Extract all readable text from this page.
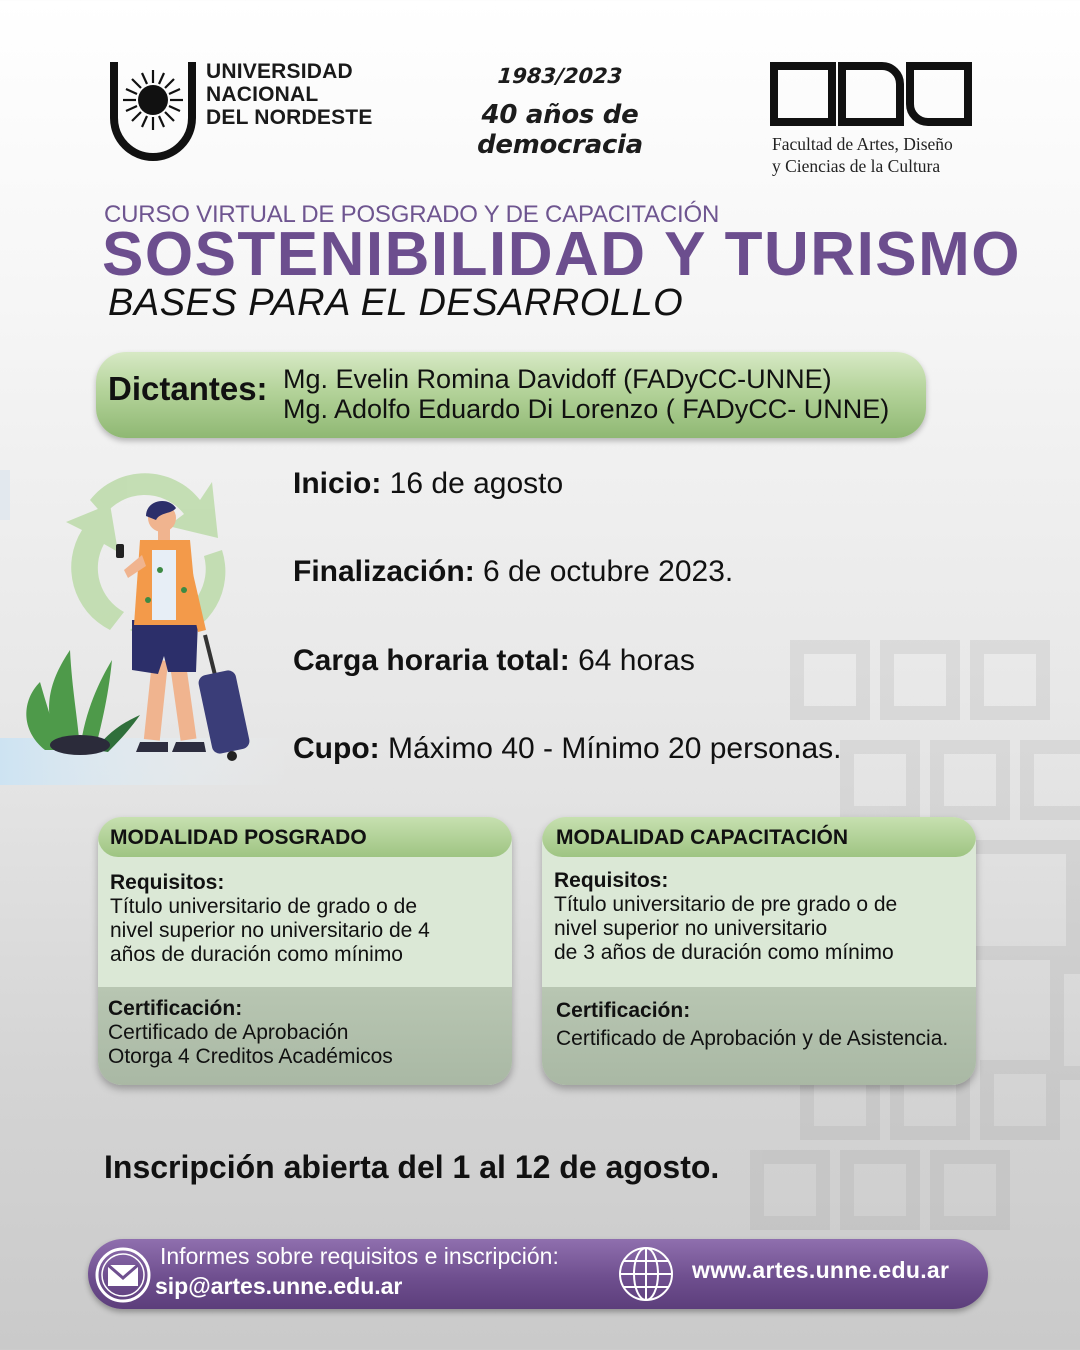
UNIVERSIDAD
NACIONAL
DEL NORDESTE
1983/2023
40 años de democracia	Facultad de Artes, Diseño
y Ciencias de la Cultura
CURSO VIRTUAL DE POSGRADO Y DE CAPACITACIÓN
SOSTENIBILIDAD Y TURISMO
BASES PARA EL DESARROLLO
Dictantes: Mg. Evelin Romina Davidoff (FADyCC-UNNE)
Mg. Adolfo Eduardo Di Lorenzo ( FADyCC- UNNE)
Inicio: 16 de agosto
Finalización: 6 de octubre 2023.
Carga horaria total: 64 horas
Cupo: Máximo 40 - Mínimo 20 personas.
MODALIDAD POSGRADO
Requisitos:
Título universitario de grado o de
nivel superior no universitario de 4
años de duración como mínimo
Certificación:
Certificado de Aprobación
Otorga 4 Creditos Académicos
MODALIDAD CAPACITACIÓN
Requisitos:
Título universitario de pre grado o de
nivel superior no universitario
de 3 años de duración como mínimo
Certificación:
Certificado de Aprobación y de Asistencia.
Inscripción abierta del 1 al 12 de agosto.
Informes sobre requisitos e inscripción:
sip@artes.unne.edu.ar
www.artes.unne.edu.ar
